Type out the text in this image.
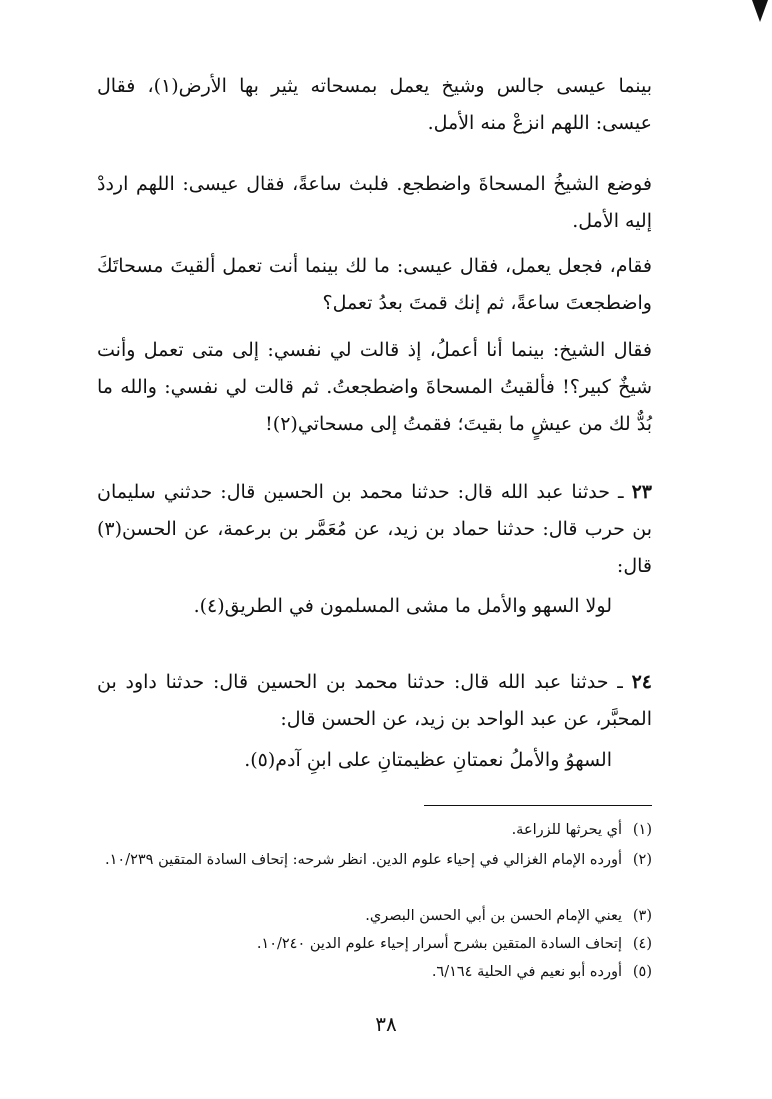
بينما عيسى جالس وشيخ يعمل بمسحاته يثير بها الأرض(١)، فقال عيسى: اللهم انزعْ منه الأمل.

فوضع الشيخُ المسحاةَ واضطجع. فلبث ساعةً، فقال عيسى: اللهم ارددْ إليه الأمل.

فقام، فجعل يعمل، فقال عيسى: ما لك بينما أنت تعمل ألقيتَ مسحاتَكَ واضطجعتَ ساعةً، ثم إنك قمتَ بعدُ تعمل؟

فقال الشيخ: بينما أنا أعملُ، إذ قالت لي نفسي: إلى متى تعمل وأنت شيخٌ كبير؟! فألقيتُ المسحاةَ واضطجعتُ. ثم قالت لي نفسي: والله ما بُدٌّ لك من عيشٍ ما بقيتَ؛ فقمتُ إلى مسحاتي(٢)!

٢٣ ـ حدثنا عبد الله قال: حدثنا محمد بن الحسين قال: حدثني سليمان بن حرب قال: حدثنا حماد بن زيد، عن مُعَمَّر بن برعمة، عن الحسن(٣) قال:

لولا السهو والأمل ما مشى المسلمون في الطريق(٤).

٢٤ ـ حدثنا عبد الله قال: حدثنا محمد بن الحسين قال: حدثنا داود بن المحبَّر، عن عبد الواحد بن زيد، عن الحسن قال:

السهوُ والأملُ نعمتانِ عظيمتانِ على ابنِ آدم(٥).

(١)أي يحرثها للزراعة.
(٢)أورده الإمام الغزالي في إحياء علوم الدين. انظر شرحه: إتحاف السادة المتقين ١٠/٢٣٩.
(٣)يعني الإمام الحسن بن أبي الحسن البصري.
(٤)إتحاف السادة المتقين بشرح أسرار إحياء علوم الدين ١٠/٢٤٠.
(٥)أورده أبو نعيم في الحلية ٦/١٦٤.
٣٨
